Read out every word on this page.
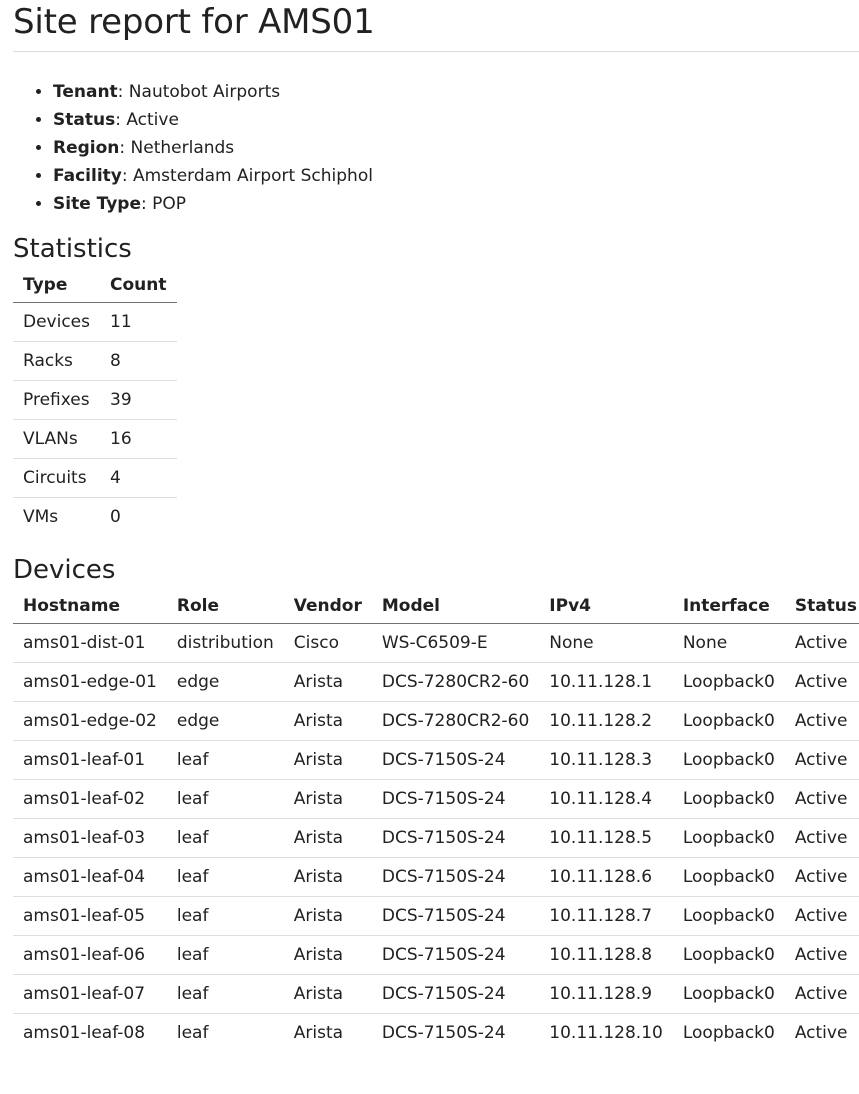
Site report for AMS01
• Tenant: Nautobot Airports
• Status: Active
• Region: Netherlands
• Facility: Amsterdam Airport Schiphol
• Site Type: POP
Statistics
Type	Count
Devices	11
Racks	8
Prefixes	39
VLANs	16
Circuits	4
VMs	0
Devices
Hostname	Role	Vendor	Model	IPv4	Interface	Status
ams01-dist-01	distribution	Cisco	WS-C6509-E	None	None	Active
ams01-edge-01	edge	Arista	DCS-7280CR2-60	10.11.128.1	Loopback0	Active
ams01-edge-02	edge	Arista	DCS-7280CR2-60	10.11.128.2	Loopback0	Active
ams01-leaf-01	leaf	Arista	DCS-7150S-24	10.11.128.3	Loopback0	Active
ams01-leaf-02	leaf	Arista	DCS-7150S-24	10.11.128.4	Loopback0	Active
ams01-leaf-03	leaf	Arista	DCS-7150S-24	10.11.128.5	Loopback0	Active
ams01-leaf-04	leaf	Arista	DCS-7150S-24	10.11.128.6	Loopback0	Active
ams01-leaf-05	leaf	Arista	DCS-7150S-24	10.11.128.7	Loopback0	Active
ams01-leaf-06	leaf	Arista	DCS-7150S-24	10.11.128.8	Loopback0	Active
ams01-leaf-07	leaf	Arista	DCS-7150S-24	10.11.128.9	Loopback0	Active
ams01-leaf-08	leaf	Arista	DCS-7150S-24	10.11.128.10	Loopback0	Active
